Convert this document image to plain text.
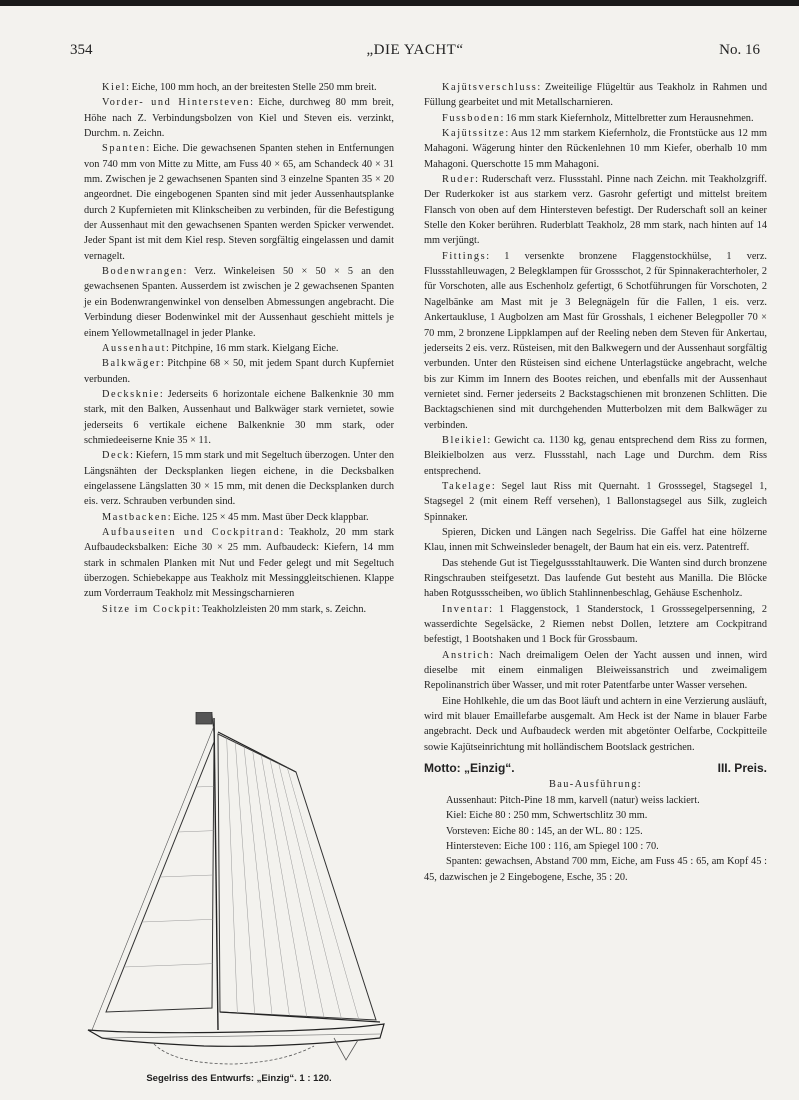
354	„DIE YACHT“	No. 16

Kiel: Eiche, 100 mm hoch, an der breitesten Stelle 250 mm breit.

Vorder- und Hintersteven: Eiche, durchweg 80 mm breit, Höhe nach Z. Verbindungsbolzen von Kiel und Steven eis. verzinkt, Durchm. n. Zeichn.

Spanten: Eiche. Die gewachsenen Spanten stehen in Entfernungen von 740 mm von Mitte zu Mitte, am Fuss 40 × 65, am Schandeck 40 × 31 mm. Zwischen je 2 gewachsenen Spanten sind 3 einzelne Spanten 35 × 20 angeordnet. Die eingebogenen Spanten sind mit jeder Aussenhautsplanke durch 2 Kupfernieten mit Klinkscheiben zu verbinden, für die Befestigung der Aussenhaut mit den gewachsenen Spanten werden Spicker verwendet. Jeder Spant ist mit dem Kiel resp. Steven sorgfältig eingelassen und damit vernagelt.

Bodenwrangen: Verz. Winkeleisen 50 × 50 × 5 an den gewachsenen Spanten. Ausserdem ist zwischen je 2 gewachsenen Spanten je ein Bodenwrangenwinkel von denselben Abmessungen angebracht. Die Verbindung dieser Bodenwinkel mit der Aussenhaut geschieht mittels je einem Yellowmetallnagel in jeder Planke.

Aussenhaut: Pitchpine, 16 mm stark. Kielgang Eiche.

Balkwäger: Pitchpine 68 × 50, mit jedem Spant durch Kupferniet verbunden.

Decksknie: Jederseits 6 horizontale eichene Balkenknie 30 mm stark, mit den Balken, Aussenhaut und Balkwäger stark vernietet, sowie jederseits 6 vertikale eichene Balkenknie 30 mm stark, oder schmiedeeiserne Knie 35 × 11.

Deck: Kiefern, 15 mm stark und mit Segeltuch überzogen. Unter den Längsnähten der Decksplanken liegen eichene, in die Decksbalken eingelassene Längslatten 30 × 15 mm, mit denen die Decksplanken durch eis. verz. Schrauben verbunden sind.

Mastbacken: Eiche. 125 × 45 mm. Mast über Deck klappbar.

Aufbauseiten und Cockpitrand: Teakholz, 20 mm stark Aufbaudecksbalken: Eiche 30 × 25 mm. Aufbaudeck: Kiefern, 14 mm stark in schmalen Planken mit Nut und Feder gelegt und mit Segeltuch überzogen. Schiebekappe aus Teakholz mit Messinggleitschienen. Klappe zum Vorderraum Teakholz mit Messingscharnieren

Sitze im Cockpit: Teakholzleisten 20 mm stark, s. Zeichn.

Kajütsverschluss: Zweiteilige Flügeltür aus Teakholz in Rahmen und Füllung gearbeitet und mit Metallscharnieren.

Fussboden: 16 mm stark Kiefernholz, Mittelbretter zum Herausnehmen.

Kajütssitze: Aus 12 mm starkem Kiefernholz, die Frontstücke aus 12 mm Mahagoni. Wägerung hinter den Rückenlehnen 10 mm Kiefer, oberhalb 10 mm Mahagoni. Querschotte 15 mm Mahagoni.

Ruder: Ruderschaft verz. Flussstahl. Pinne nach Zeichn. mit Teakholzgriff. Der Ruderkoker ist aus starkem verz. Gasrohr gefertigt und mittelst breitem Flansch von oben auf dem Hintersteven befestigt. Der Ruderschaft soll an keiner Stelle den Koker berühren. Ruderblatt Teakholz, 28 mm stark, nach hinten auf 14 mm verjüngt.

Fittings: 1 versenkte bronzene Flaggenstockhülse, 1 verz. Flussstahlleuwagen, 2 Belegklampen für Grossschot, 2 für Spinnakerachterholer, 2 für Vorschoten, alle aus Eschenholz gefertigt, 6 Schotführungen für Vorschoten, 2 Nagelbänke am Mast mit je 3 Belegnägeln für die Fallen, 1 eis. verz. Ankertaukluse, 1 Augbolzen am Mast für Grosshals, 1 eichener Belegpoller 70 × 70 mm, 2 bronzene Lippklampen auf der Reeling neben dem Steven für Ankertau, jederseits 2 eis. verz. Rüsteisen, mit den Balkwegern und der Aussenhaut sorgfältig verbunden. Unter den Rüsteisen sind eichene Unterlagstücke angebracht, welche bis zur Kimm im Innern des Bootes reichen, und ebenfalls mit der Aussenhaut vernietet sind. Ferner jederseits 2 Backstagschienen mit bronzenen Schlitten. Die Backtagschienen sind mit durchgehenden Mutterbolzen mit dem Balkwäger zu verbinden.

Bleikiel: Gewicht ca. 1130 kg, genau entsprechend dem Riss zu formen, Bleikielbolzen aus verz. Flussstahl, nach Lage und Durchm. dem Riss entsprechend.

Takelage: Segel laut Riss mit Quernaht. 1 Grosssegel, Stagsegel 1, Stagsegel 2 (mit einem Reff versehen), 1 Ballonstagsegel aus Silk, zugleich Spinnaker.

Spieren, Dicken und Längen nach Segelriss. Die Gaffel hat eine hölzerne Klau, innen mit Schweinsleder benagelt, der Baum hat ein eis. verz. Patentreff.

Das stehende Gut ist Tiegelgussstahltauwerk. Die Wanten sind durch bronzene Ringschrauben steifgesetzt. Das laufende Gut besteht aus Manilla. Die Blöcke haben Rotgussscheiben, wo üblich Stahlinnenbeschlag, Gehäuse Eschenholz.

Inventar: 1 Flaggenstock, 1 Standerstock, 1 Grosssegelpersenning, 2 wasserdichte Segelsäcke, 2 Riemen nebst Dollen, letztere am Cockpitrand befestigt, 1 Bootshaken und 1 Bock für Grossbaum.

Anstrich: Nach dreimaligem Oelen der Yacht aussen und innen, wird dieselbe mit einem einmaligen Bleiweissanstrich und zweimaligem Repolinanstrich über Wasser, und mit roter Patentfarbe unter Wasser versehen.

Eine Hohlkehle, die um das Boot läuft und achtern in eine Verzierung ausläuft, wird mit blauer Emaillefarbe ausgemalt. Am Heck ist der Name in blauer Farbe angebracht. Deck und Aufbaudeck werden mit abgetönter Oelfarbe, Cockpitteile sowie Kajütseinrichtung mit holländischem Bootslack gestrichen.

Motto: „Einzig“.	III. Preis.
Bau-Ausführung:

Aussenhaut: Pitch-Pine 18 mm, karvell (natur) weiss lackiert.

Kiel: Eiche 80 : 250 mm, Schwertschlitz 30 mm.

Vorsteven: Eiche 80 : 145, an der WL. 80 : 125.

Hintersteven: Eiche 100 : 116, am Spiegel 100 : 70.

Spanten: gewachsen, Abstand 700 mm, Eiche, am Fuss 45 : 65, am Kopf 45 : 45, dazwischen je 2 Eingebogene, Esche, 35 : 20.

Segelriss des Entwurfs: „Einzig“. 1 : 120.
